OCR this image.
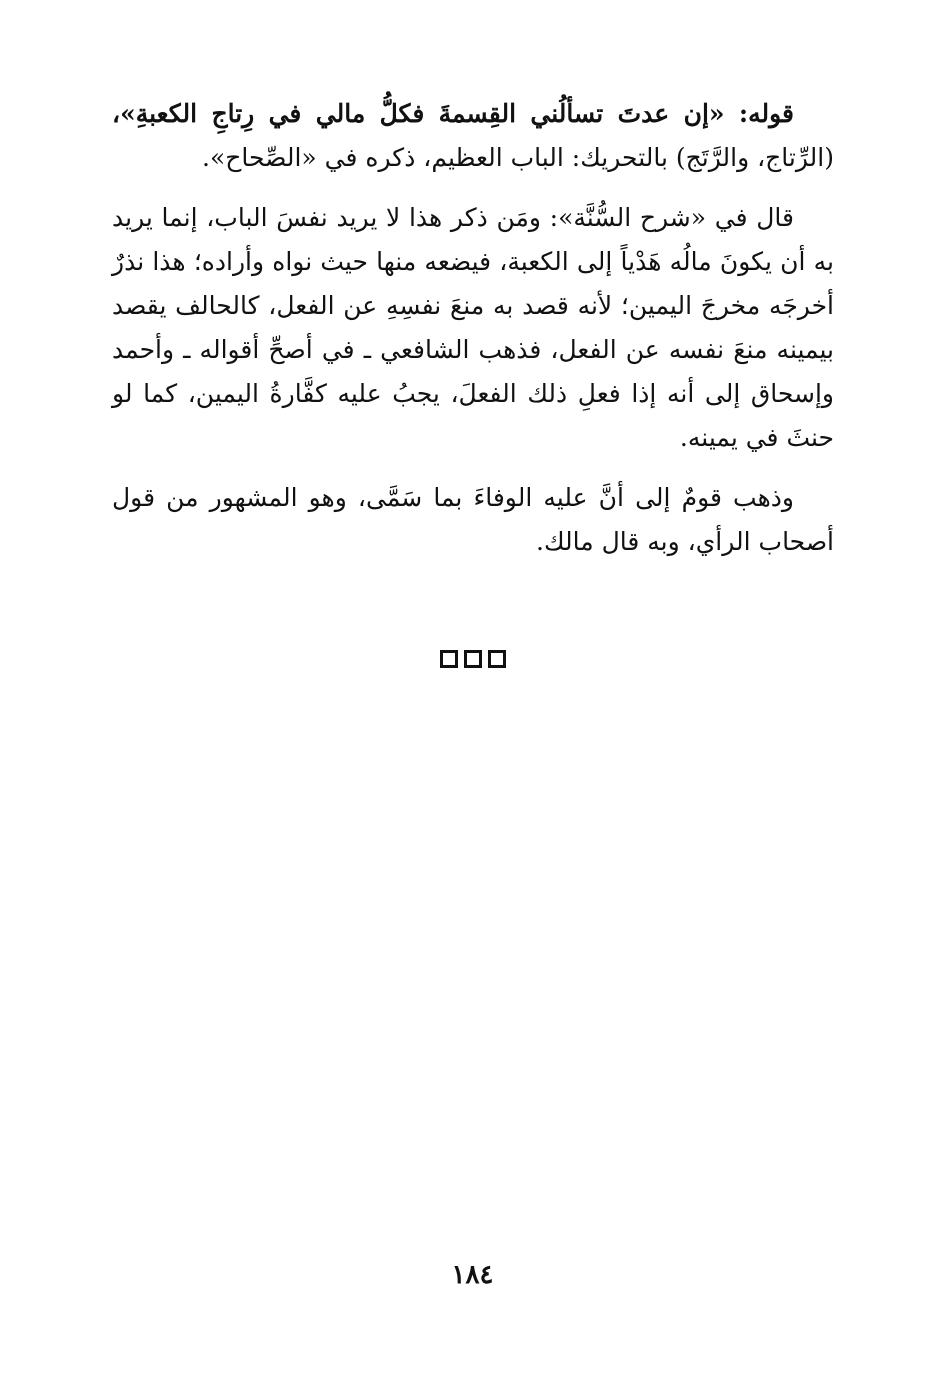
قوله: «إن عدتَ تسألُني القِسمةَ فكلُّ مالي في رِتاجِ الكعبةِ»، (الرِّتاج، والرَّتَج) بالتحريك: الباب العظيم، ذكره في «الصِّحاح».

قال في «شرح السُّنَّة»: ومَن ذكر هذا لا يريد نفسَ الباب، إنما يريد به أن يكونَ مالُه هَدْياً إلى الكعبة، فيضعه منها حيث نواه وأراده؛ هذا نذرٌ أخرجَه مخرجَ اليمين؛ لأنه قصد به منعَ نفسِهِ عن الفعل، كالحالف يقصد بيمينه منعَ نفسه عن الفعل، فذهب الشافعي ـ في أصحِّ أقواله ـ وأحمد وإسحاق إلى أنه إذا فعلِ ذلك الفعلَ، يجبُ عليه كفَّارةُ اليمين، كما لو حنثَ في يمينه.

وذهب قومٌ إلى أنَّ عليه الوفاءَ بما سَمَّى، وهو المشهور من قول أصحاب الرأي، وبه قال مالك.

١٨٤
